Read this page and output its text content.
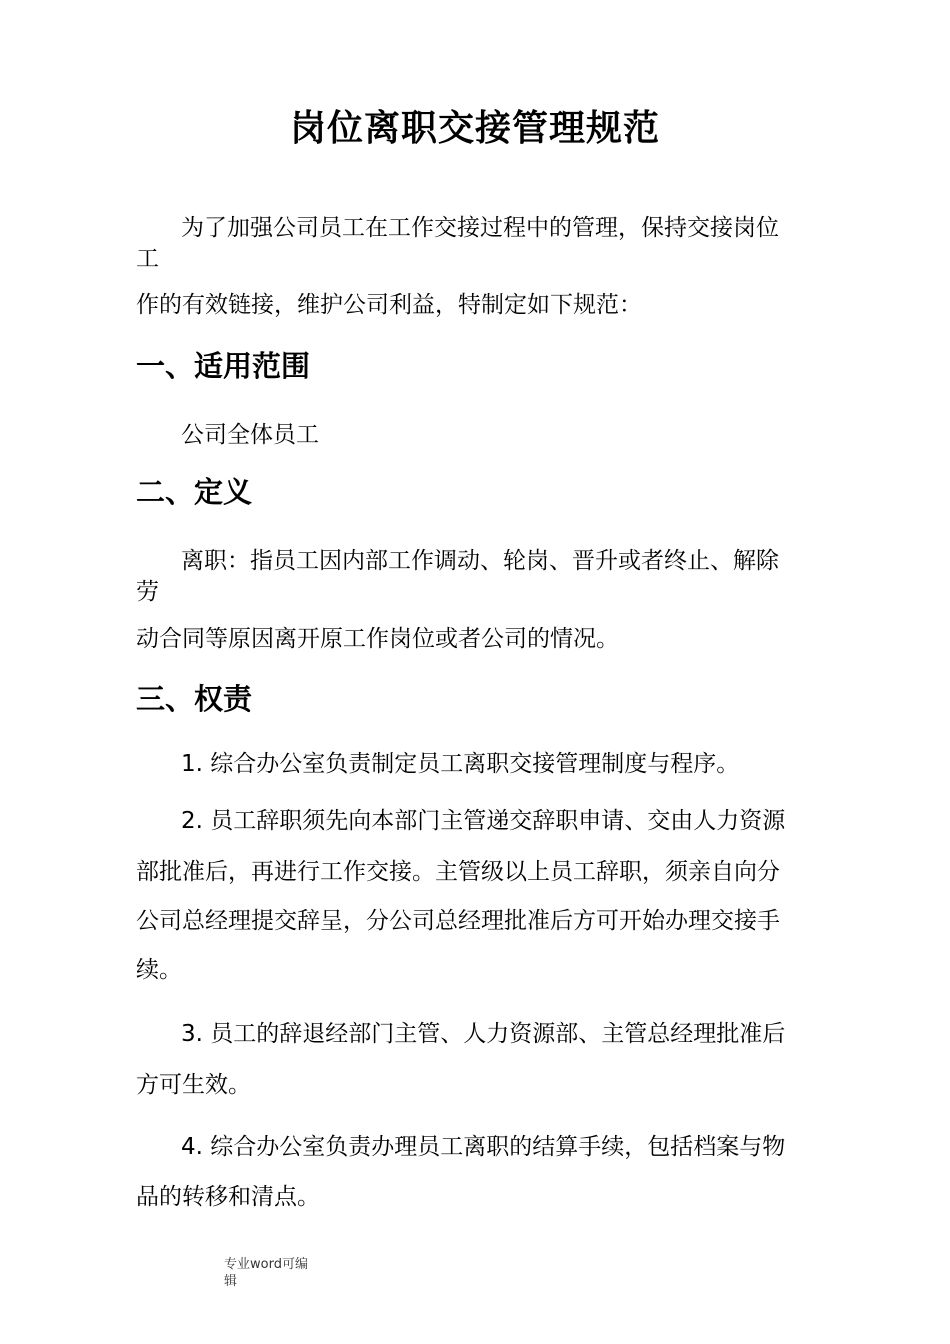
岗位离职交接管理规范

为了加强公司员工在工作交接过程中的管理，保持交接岗位

工

作的有效链接，维护公司利益，特制定如下规范：

一、适用范围

公司全体员工

二、定义

离职：指员工因内部工作调动、轮岗、晋升或者终止、解除

劳

动合同等原因离开原工作岗位或者公司的情况。

三、权责

1. 综合办公室负责制定员工离职交接管理制度与程序。

2. 员工辞职须先向本部门主管递交辞职申请、交由人力资源

部批准后，再进行工作交接。主管级以上员工辞职，须亲自向分

公司总经理提交辞呈，分公司总经理批准后方可开始办理交接手

续。

3. 员工的辞退经部门主管、人力资源部、主管总经理批准后

方可生效。

4. 综合办公室负责办理员工离职的结算手续，包括档案与物

品的转移和清点。

专业word可编

辑
